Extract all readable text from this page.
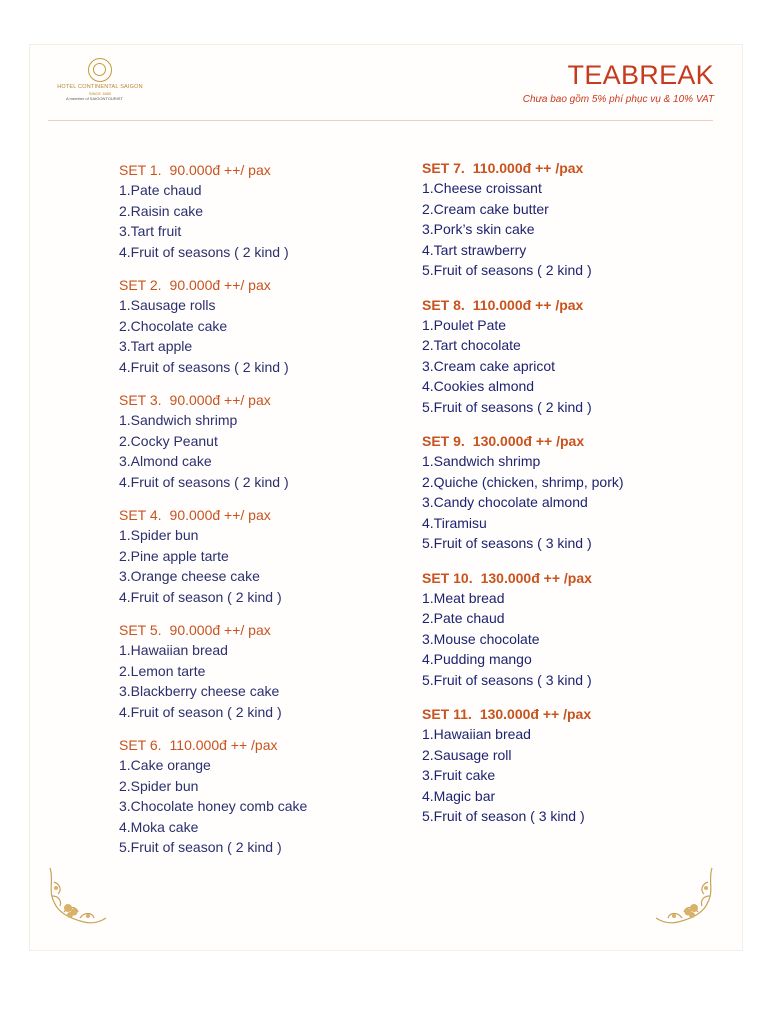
HOTEL CONTINENTAL SAIGON
SINCE 1880
A member of SAIGONTOURIST
TEABREAK
Chưa bao gồm 5% phí phục vụ & 10% VAT
SET 1. 90.000đ ++/ pax
1.Pate chaud
2.Raisin cake
3.Tart fruit
4.Fruit of seasons ( 2 kind )
SET 2. 90.000đ ++/ pax
1.Sausage rolls
2.Chocolate cake
3.Tart apple
4.Fruit of seasons ( 2 kind )
SET 3. 90.000đ ++/ pax
1.Sandwich shrimp
2.Cocky Peanut
3.Almond cake
4.Fruit of seasons ( 2 kind )
SET 4. 90.000đ ++/ pax
1.Spider bun
2.Pine apple tarte
3.Orange cheese cake
4.Fruit of season ( 2 kind )
SET 5. 90.000đ ++/ pax
1.Hawaiian bread
2.Lemon tarte
3.Blackberry cheese cake
4.Fruit of season ( 2 kind )
SET 6. 110.000đ ++ /pax
1.Cake orange
2.Spider bun
3.Chocolate honey comb cake
4.Moka cake
5.Fruit of season ( 2 kind )
SET 7. 110.000đ ++ /pax
1.Cheese croissant
2.Cream cake butter
3.Pork’s skin cake
4.Tart strawberry
5.Fruit of seasons ( 2 kind )
SET 8. 110.000đ ++ /pax
1.Poulet Pate
2.Tart chocolate
3.Cream cake apricot
4.Cookies almond
5.Fruit of seasons ( 2 kind )
SET 9. 130.000đ ++ /pax
1.Sandwich shrimp
2.Quiche (chicken, shrimp, pork)
3.Candy chocolate almond
4.Tiramisu
5.Fruit of seasons ( 3 kind )
SET 10. 130.000đ ++ /pax
1.Meat bread
2.Pate chaud
3.Mouse chocolate
4.Pudding mango
5.Fruit of seasons ( 3 kind )
SET 11. 130.000đ ++ /pax
1.Hawaiian bread
2.Sausage roll
3.Fruit cake
4.Magic bar
5.Fruit of season ( 3 kind )
